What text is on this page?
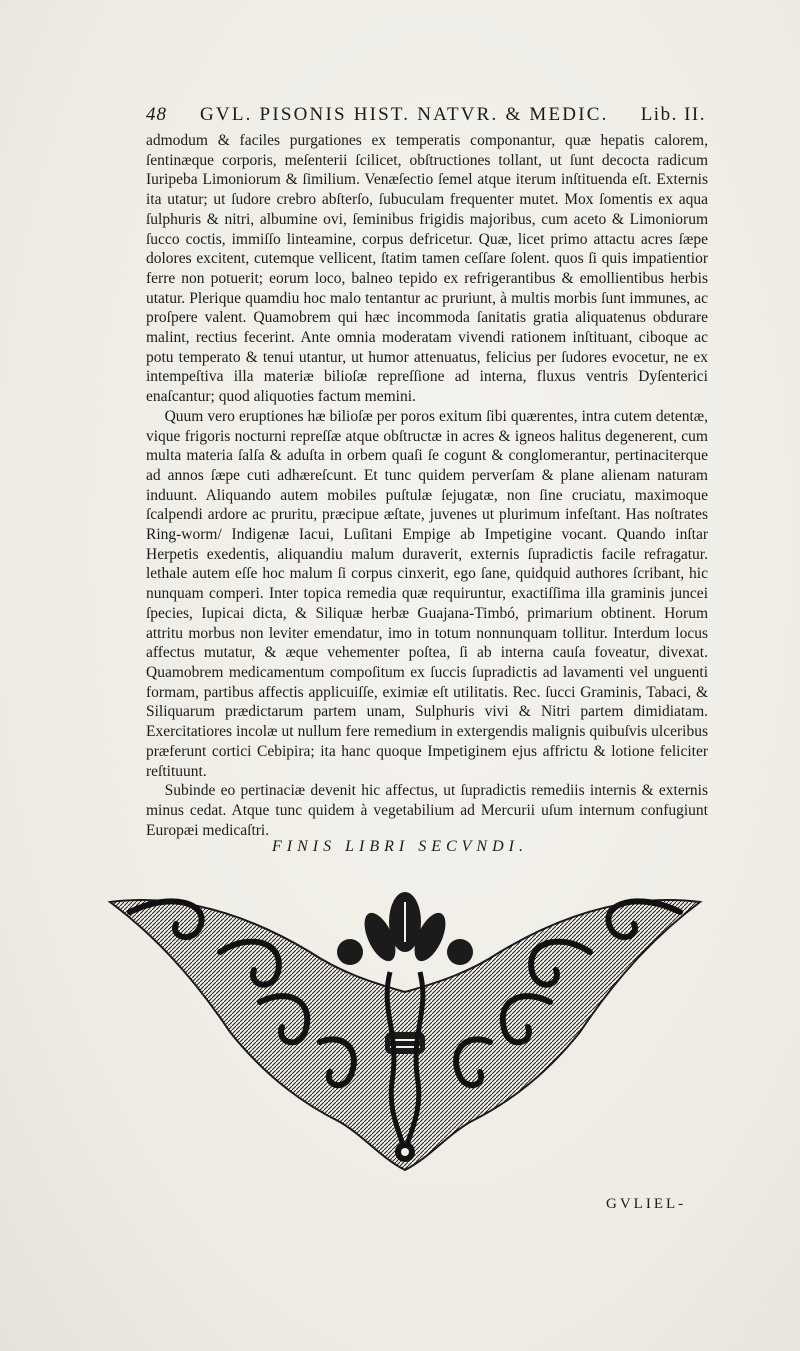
48 GVL. PISONIS HIST. NATVR. & MEDIC. Lib. II.

admodum & faciles purgationes ex temperatis componantur, quæ hepatis calorem, ſentinæque corporis, meſenterii ſcilicet, obſtructiones tollant, ut ſunt decocta radicum Iuripeba Limoniorum & ſimilium. Venæſectio ſemel atque iterum inſtituenda eſt. Externis ita utatur; ut ſudore crebro abſterſo, ſubuculam frequenter mutet. Mox ſomentis ex aqua ſulphuris & nitri, albumine ovi, ſeminibus frigidis majoribus, cum aceto & Limoniorum ſucco coctis, immiſſo linteamine, corpus defricetur. Quæ, licet primo attactu acres ſæpe dolores excitent, cutemque vellicent, ſtatim tamen ceſſare ſolent. quos ſi quis impatientior ferre non potuerit; eorum loco, balneo tepido ex refrigerantibus & emollientibus herbis utatur. Plerique quamdiu hoc malo tentantur ac pruriunt, à multis morbis ſunt immunes, ac proſpere valent. Quamobrem qui hæc incommoda ſanitatis gratia aliquatenus obdurare malint, rectius fecerint. Ante omnia moderatam vivendi rationem inſtituant, ciboque ac potu temperato & tenui utantur, ut humor attenuatus, felicius per ſudores evocetur, ne ex intempeſtiva illa materiæ bilioſæ repreſſione ad interna, fluxus ventris Dyſenterici enaſcantur; quod aliquoties factum memini.

Quum vero eruptiones hæ bilioſæ per poros exitum ſibi quærentes, intra cutem detentæ, vique frigoris nocturni repreſſæ atque obſtructæ in acres & igneos halitus degenerent, cum multa materia ſalſa & aduſta in orbem quaſi ſe cogunt & conglomerantur, pertinaciterque ad annos ſæpe cuti adhæreſcunt. Et tunc quidem perverſam & plane alienam naturam induunt. Aliquando autem mobiles puſtulæ ſejugatæ, non ſine cruciatu, maximoque ſcalpendi ardore ac pruritu, præcipue æſtate, juvenes ut plurimum infeſtant. Has noſtrates Ring-worm/ Indigenæ Iacui, Luſitani Empige ab Impetigine vocant. Quando inſtar Herpetis exedentis, aliquandiu malum duraverit, externis ſupradictis facile refragatur. lethale autem eſſe hoc malum ſi corpus cinxerit, ego ſane, quidquid authores ſcribant, hic nunquam comperi. Inter topica remedia quæ requiruntur, exactiſſima illa graminis juncei ſpecies, Iupicai dicta, & Siliquæ herbæ Guajana-Timbó, primarium obtinent. Horum attritu morbus non leviter emendatur, imo in totum nonnunquam tollitur. Interdum locus affectus mutatur, & æque vehementer poſtea, ſi ab interna cauſa foveatur, divexat. Quamobrem medicamentum compoſitum ex ſuccis ſupradictis ad lavamenti vel unguenti formam, partibus affectis applicuiſſe, eximiæ eſt utilitatis. Rec. ſucci Graminis, Tabaci, & Siliquarum prædictarum partem unam, Sulphuris vivi & Nitri partem dimidiatam. Exercitatiores incolæ ut nullum fere remedium in extergendis malignis quibuſvis ulceribus præferunt cortici Cebipira; ita hanc quoque Impetiginem ejus affrictu & lotione feliciter reſtituunt.

Subinde eo pertinaciæ devenit hic affectus, ut ſupradictis remediis internis & externis minus cedat. Atque tunc quidem à vegetabilium ad Mercurii uſum internum confugiunt Europæi medicaſtri.

FINIS LIBRI SECVNDI.
GVLIEL-
